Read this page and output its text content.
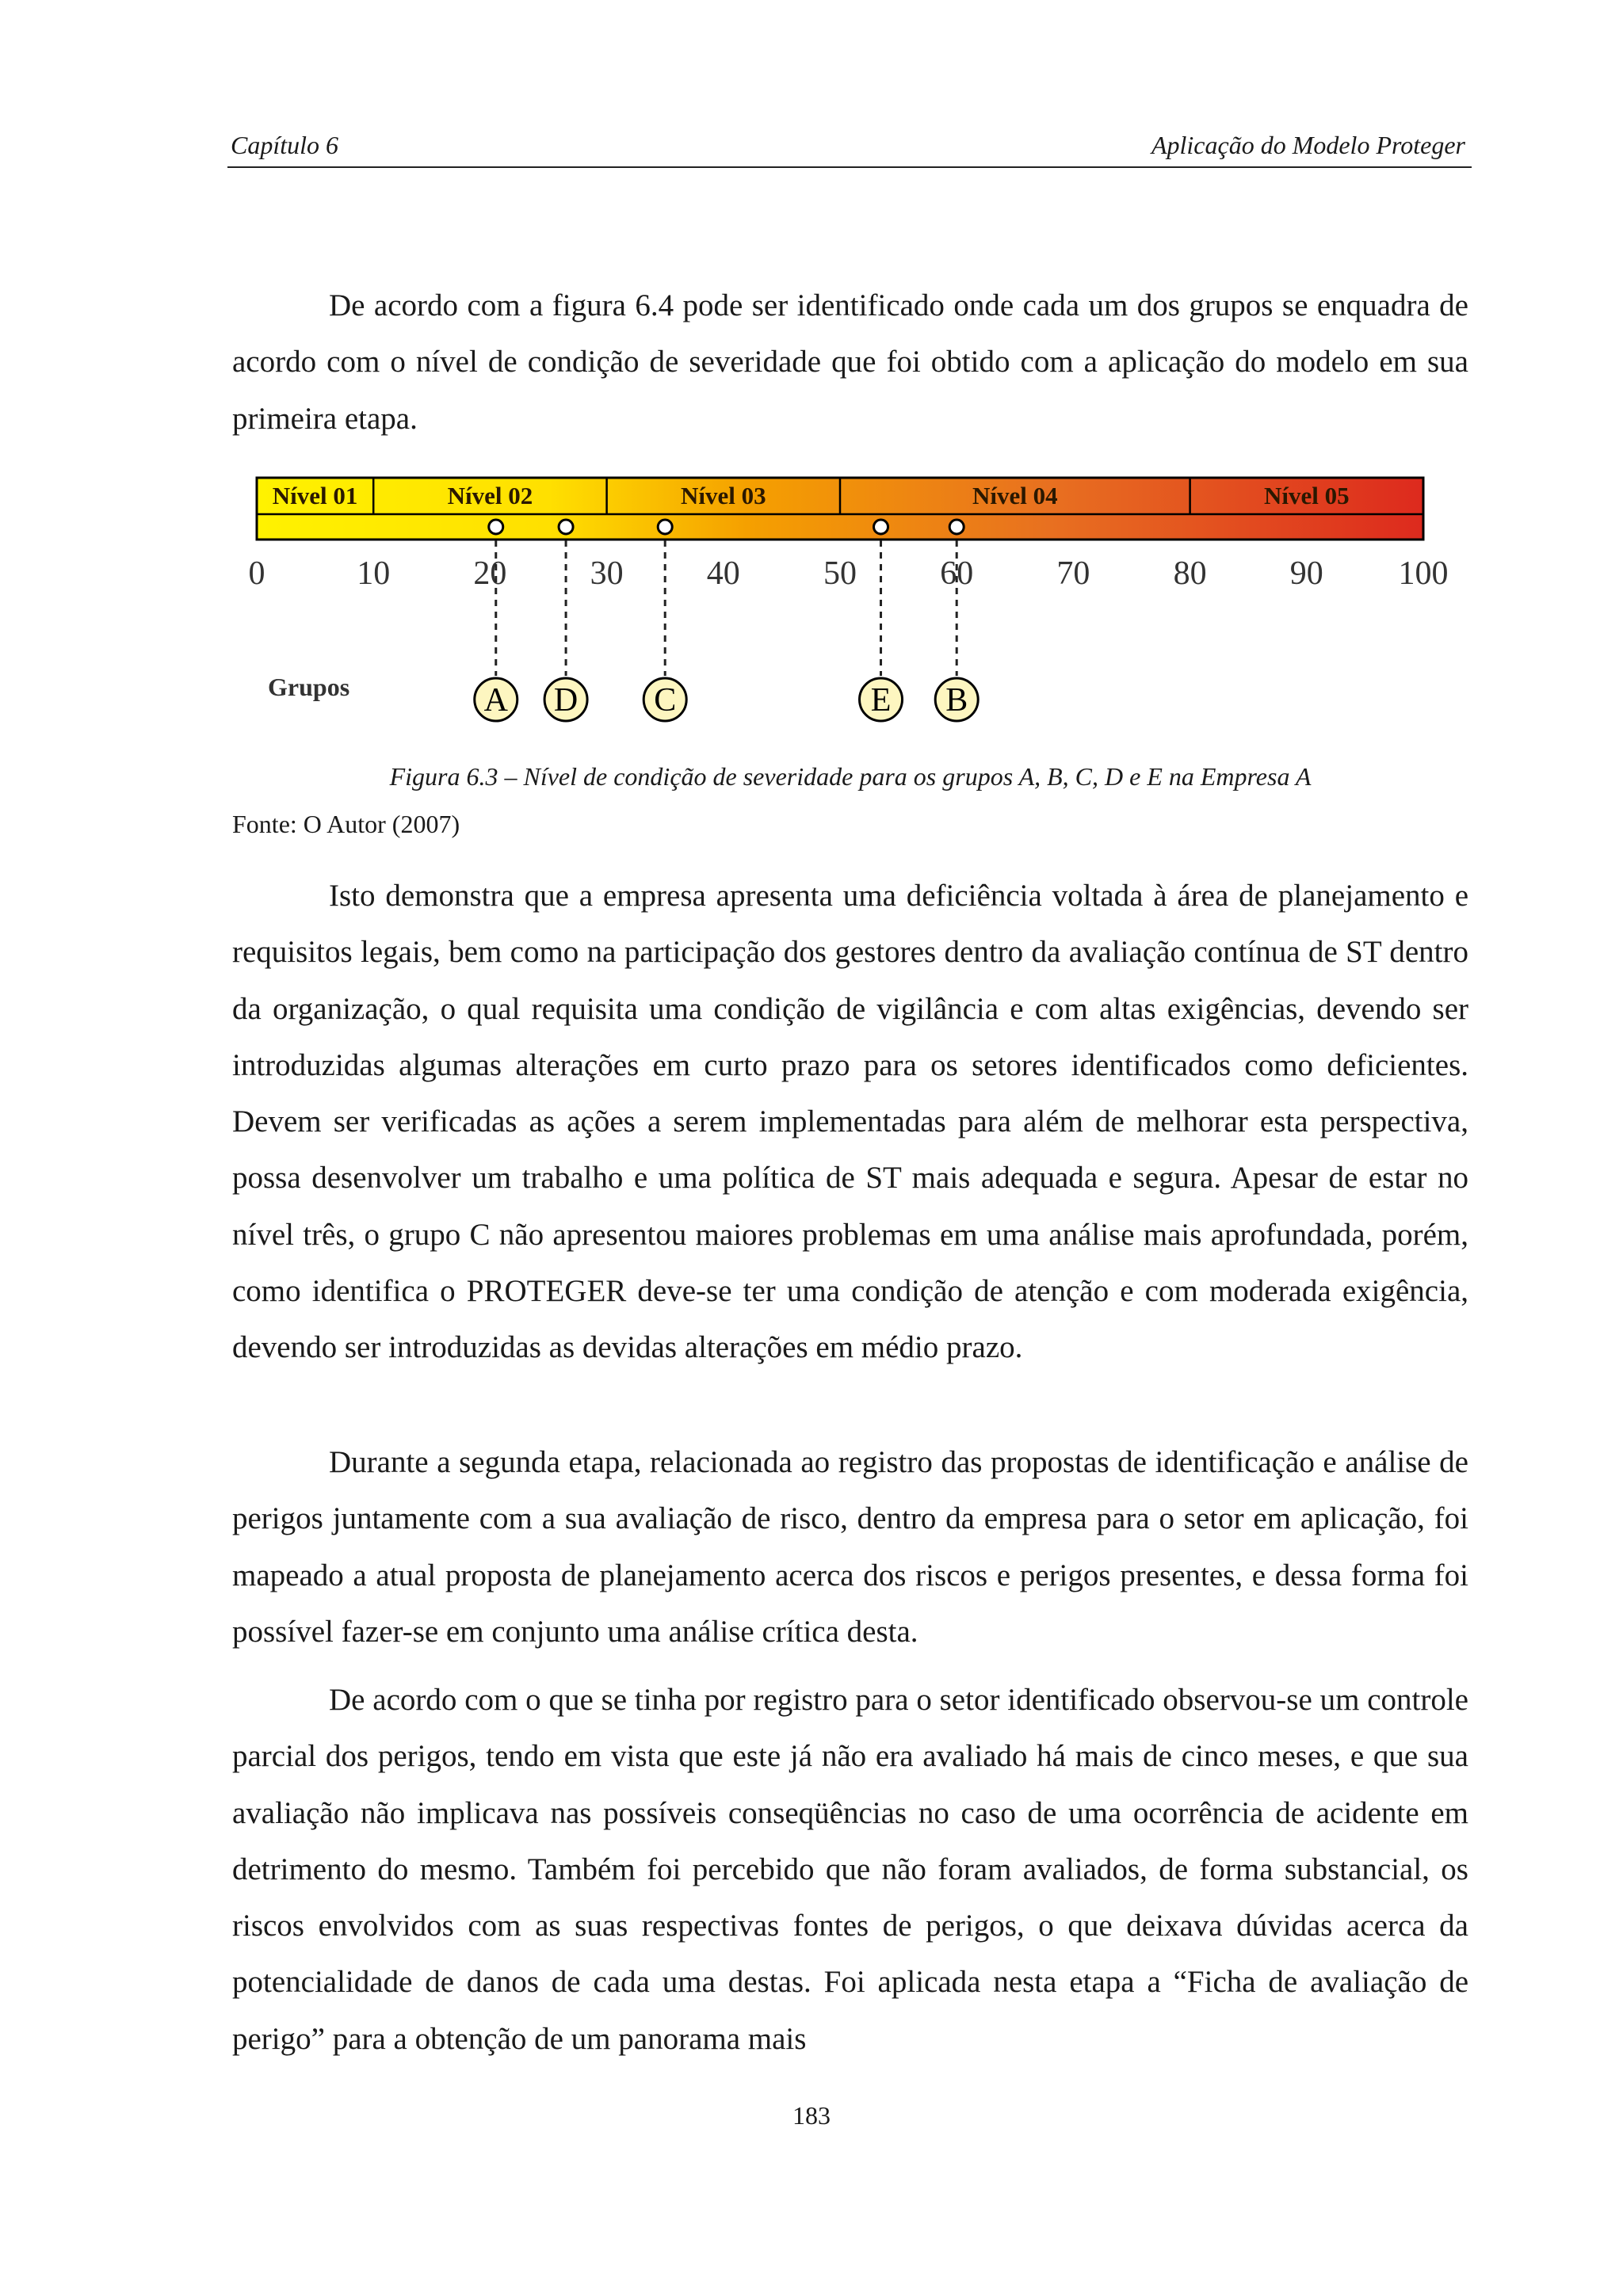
Capítulo 6	Aplicação do Modelo Proteger

De acordo com a figura 6.4 pode ser identificado onde cada um dos grupos se enquadra de acordo com o nível de condição de severidade que foi obtido com a aplicação do modelo em sua primeira etapa.

Nível 01	Nível 02	Nível 03	Nível 04	Nível 05
0	10	20	30	40	50	60	70	80	90 100
Grupos	A D C	E B
Figura 6.3 – Nível de condição de severidade para os grupos A, B, C, D e E na Empresa A
Fonte: O Autor (2007)

Isto demonstra que a empresa apresenta uma deficiência voltada à área de planejamento e requisitos legais, bem como na participação dos gestores dentro da avaliação contínua de ST dentro da organização, o qual requisita uma condição de vigilância e com altas exigências, devendo ser introduzidas algumas alterações em curto prazo para os setores identificados como deficientes. Devem ser verificadas as ações a serem implementadas para além de melhorar esta perspectiva, possa desenvolver um trabalho e uma política de ST mais adequada e segura. Apesar de estar no nível três, o grupo C não apresentou maiores problemas em uma análise mais aprofundada, porém, como identifica o PROTEGER deve-se ter uma condição de atenção e com moderada exigência, devendo ser introduzidas as devidas alterações em médio prazo.

Durante a segunda etapa, relacionada ao registro das propostas de identificação e análise de perigos juntamente com a sua avaliação de risco, dentro da empresa para o setor em aplicação, foi mapeado a atual proposta de planejamento acerca dos riscos e perigos presentes, e dessa forma foi possível fazer-se em conjunto uma análise crítica desta.

De acordo com o que se tinha por registro para o setor identificado observou-se um controle parcial dos perigos, tendo em vista que este já não era avaliado há mais de cinco meses, e que sua avaliação não implicava nas possíveis conseqüências no caso de uma ocorrência de acidente em detrimento do mesmo. Também foi percebido que não foram avaliados, de forma substancial, os riscos envolvidos com as suas respectivas fontes de perigos, o que deixava dúvidas acerca da potencialidade de danos de cada uma destas. Foi aplicada nesta etapa a “Ficha de avaliação de perigo” para a obtenção de um panorama mais

183
